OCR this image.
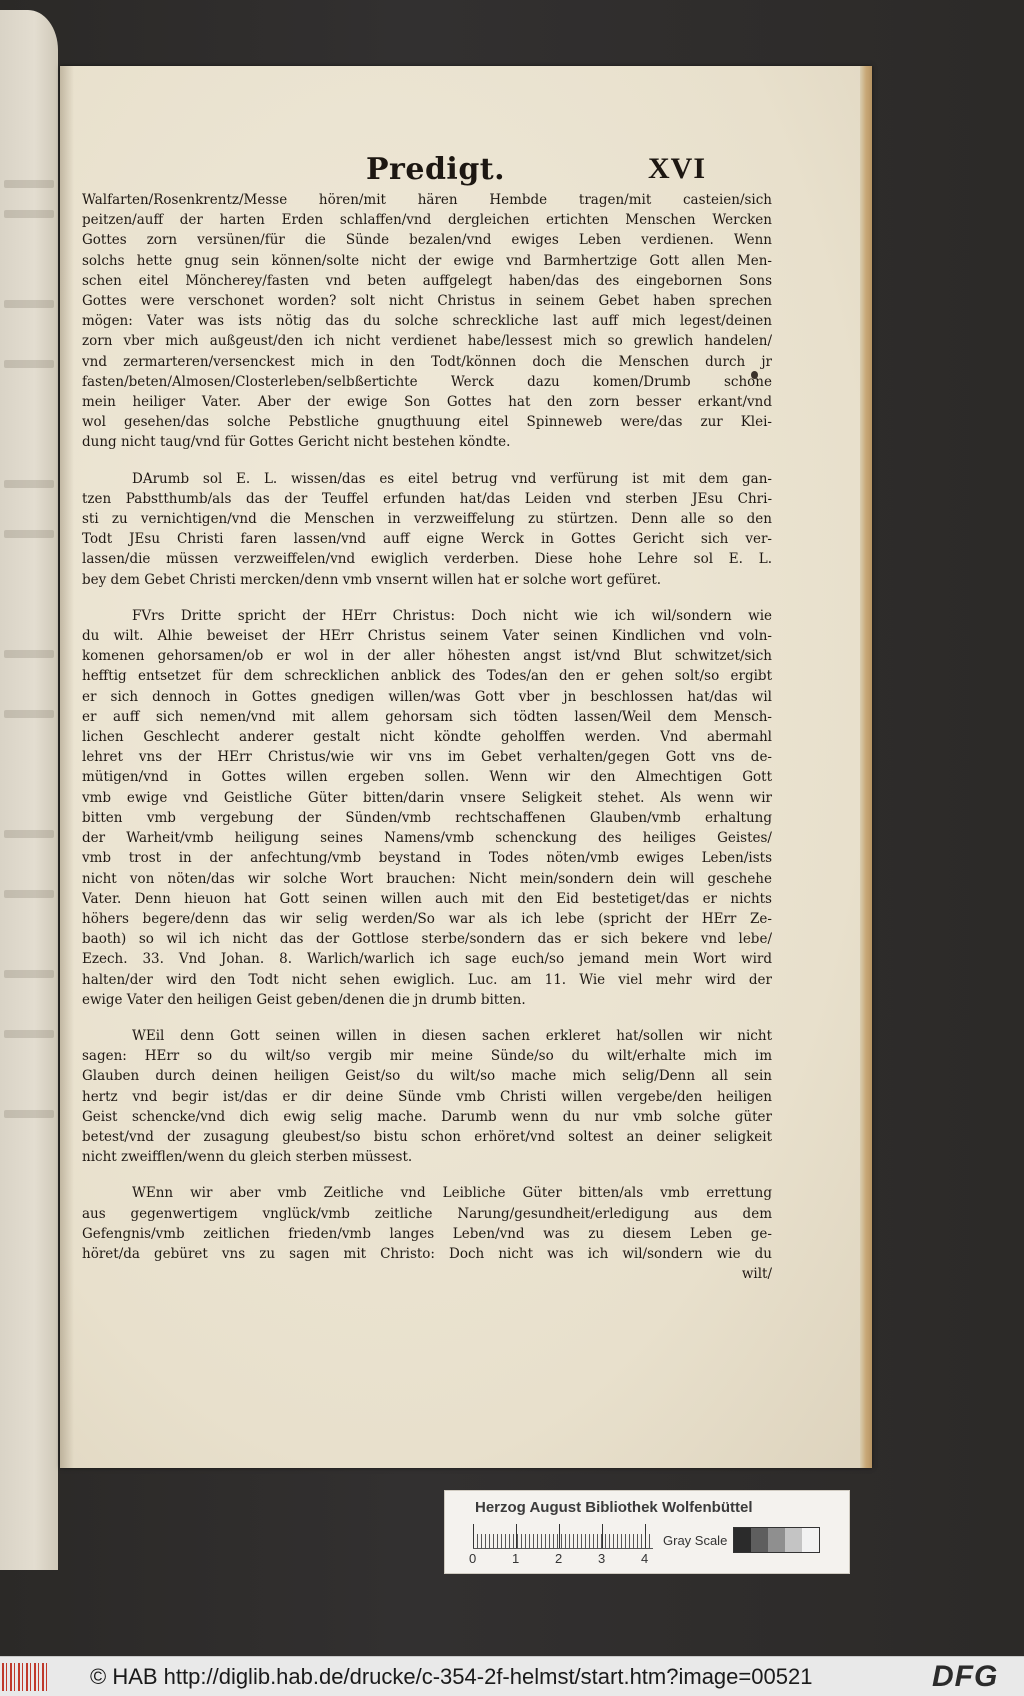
Predigt.	XVI
Walfarten/Rosenkrentz/Messe hören/mit hären Hembde tragen/mit casteien/sich
peitzen/auff der harten Erden schlaffen/vnd dergleichen ertichten Menschen Wercken
Gottes zorn versünen/für die Sünde bezalen/vnd ewiges Leben verdienen. Wenn
solchs hette gnug sein können/solte nicht der ewige vnd Barmhertzige Gott allen Men-
schen eitel Möncherey/fasten vnd beten auffgelegt haben/das des eingebornen Sons
Gottes were verschonet worden? solt nicht Christus in seinem Gebet haben sprechen
mögen: Vater was ists nötig das du solche schreckliche last auff mich legest/deinen
zorn vber mich außgeust/den ich nicht verdienet habe/lessest mich so grewlich handelen/
vnd zermarteren/versenckest mich in den Todt/können doch die Menschen durch jr
fasten/beten/Almosen/Closterleben/selbßertichte Werck dazu komen/Drumb schone
mein heiliger Vater. Aber der ewige Son Gottes hat den zorn besser erkant/vnd
wol gesehen/das solche Pebstliche gnugthuung eitel Spinneweb were/das zur Klei-
dung nicht taug/vnd für Gottes Gericht nicht bestehen köndte.
DArumb sol E. L. wissen/das es eitel betrug vnd verfürung ist mit dem gan-
tzen Pabstthumb/als das der Teuffel erfunden hat/das Leiden vnd sterben JEsu Chri-
sti zu vernichtigen/vnd die Menschen in verzweiffelung zu stürtzen. Denn alle so den
Todt JEsu Christi faren lassen/vnd auff eigne Werck in Gottes Gericht sich ver-
lassen/die müssen verzweiffelen/vnd ewiglich verderben. Diese hohe Lehre sol E. L.
bey dem Gebet Christi mercken/denn vmb vnsernt willen hat er solche wort gefüret.
FVrs Dritte spricht der HErr Christus: Doch nicht wie ich wil/sondern wie
du wilt. Alhie beweiset der HErr Christus seinem Vater seinen Kindlichen vnd voln-
komenen gehorsamen/ob er wol in der aller höhesten angst ist/vnd Blut schwitzet/sich
hefftig entsetzet für dem schrecklichen anblick des Todes/an den er gehen solt/so ergibt
er sich dennoch in Gottes gnedigen willen/was Gott vber jn beschlossen hat/das wil
er auff sich nemen/vnd mit allem gehorsam sich tödten lassen/Weil dem Mensch-
lichen Geschlecht anderer gestalt nicht köndte geholffen werden. Vnd abermahl
lehret vns der HErr Christus/wie wir vns im Gebet verhalten/gegen Gott vns de-
mütigen/vnd in Gottes willen ergeben sollen. Wenn wir den Almechtigen Gott
vmb ewige vnd Geistliche Güter bitten/darin vnsere Seligkeit stehet. Als wenn wir
bitten vmb vergebung der Sünden/vmb rechtschaffenen Glauben/vmb erhaltung
der Warheit/vmb heiligung seines Namens/vmb schenckung des heiliges Geistes/
vmb trost in der anfechtung/vmb beystand in Todes nöten/vmb ewiges Leben/ists
nicht von nöten/das wir solche Wort brauchen: Nicht mein/sondern dein will geschehe
Vater. Denn hieuon hat Gott seinen willen auch mit den Eid bestetiget/das er nichts
höhers begere/denn das wir selig werden/So war als ich lebe (spricht der HErr Ze-
baoth) so wil ich nicht das der Gottlose sterbe/sondern das er sich bekere vnd lebe/
Ezech. 33. Vnd Johan. 8. Warlich/warlich ich sage euch/so jemand mein Wort wird
halten/der wird den Todt nicht sehen ewiglich. Luc. am 11. Wie viel mehr wird der
ewige Vater den heiligen Geist geben/denen die jn drumb bitten.
WEil denn Gott seinen willen in diesen sachen erkleret hat/sollen wir nicht
sagen: HErr so du wilt/so vergib mir meine Sünde/so du wilt/erhalte mich im
Glauben durch deinen heiligen Geist/so du wilt/so mache mich selig/Denn all sein
hertz vnd begir ist/das er dir deine Sünde vmb Christi willen vergebe/den heiligen
Geist schencke/vnd dich ewig selig mache. Darumb wenn du nur vmb solche güter
betest/vnd der zusagung gleubest/so bistu schon erhöret/vnd soltest an deiner seligkeit
nicht zweifflen/wenn du gleich sterben müssest.
WEnn wir aber vmb Zeitliche vnd Leibliche Güter bitten/als vmb errettung
aus gegenwertigem vnglück/vmb zeitliche Narung/gesundheit/erledigung aus dem
Gefengnis/vmb zeitlichen frieden/vmb langes Leben/vnd was zu diesem Leben ge-
höret/da gebüret vns zu sagen mit Christo: Doch nicht was ich wil/sondern wie du
wilt/
Herzog August Bibliothek Wolfenbüttel
0	1	2	3	4
Gray Scale
© HAB http://diglib.hab.de/drucke/c-354-2f-helmst/start.htm?image=00521	DFG
